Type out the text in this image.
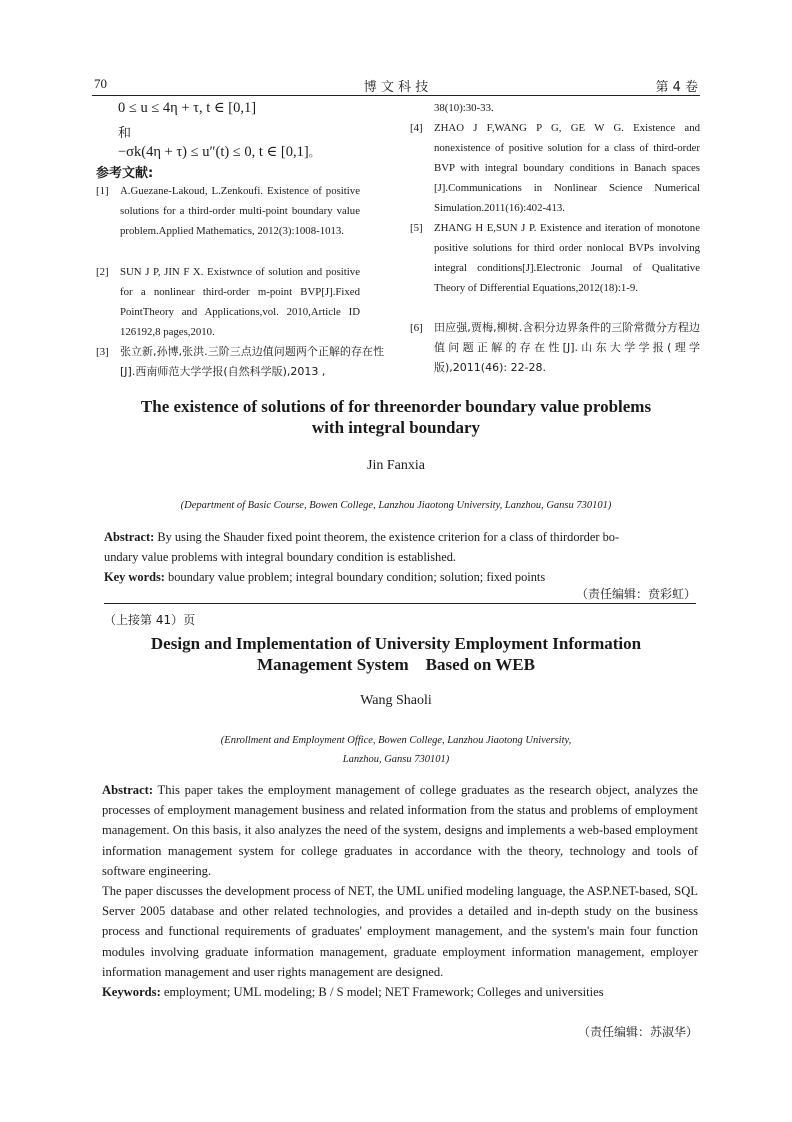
70	博 文 科 技	第 4 卷
0 ≤ u ≤ 4η + τ, t ∈ [0,1]
和
−σk(4η + τ) ≤ u″(t) ≤ 0, t ∈ [0,1]。
参考文献:
[1] A.Guezane-Lakoud, L.Zenkoufi. Existence of positive solutions for a third-order multi-point boundary value problem.Applied Mathematics, 2012(3):1008-1013.
[2] SUN J P, JIN F X. Existwnce of solution and positive for a nonlinear third-order m-point BVP[J].Fixed PointTheory and Applications,vol. 2010,Article ID 126192,8 pages,2010.
[3] 张立新,孙博,张洪.三阶三点边值问题两个正解的存在性[J].西南师范大学学报(自然科学版),2013 ,
38(10):30-33.
[4] ZHAO J F,WANG P G, GE W G. Existence and nonexistence of positive solution for a class of third-order BVP with integral boundary conditions in Banach spaces [J].Communications in Nonlinear Science Numerical Simulation.2011(16):402-413.
[5] ZHANG H E,SUN J P. Existence and iteration of monotone positive solutions for third order nonlocal BVPs involving integral conditions[J].Electronic Journal of Qualitative Theory of Differential Equations,2012(18):1-9.
[6] 田应强,贾梅,柳树.含积分边界条件的三阶常微分方程边值问题正解的存在性[J].山东大学学报(理学版),2011(46): 22-28.
The existence of solutions of for threenorder boundary value problems
with integral boundary
Jin Fanxia
(Department of Basic Course, Bowen College, Lanzhou Jiaotong University, Lanzhou, Gansu 730101)
Abstract: By using the Shauder fixed point theorem, the existence criterion for a class of thirdorder bo-
undary value problems with integral boundary condition is established.
Key words: boundary value problem; integral boundary condition; solution; fixed points
（责任编辑：贲彩虹）
（上接第 41）页
Design and Implementation of University Employment Information
Management System　Based on WEB
Wang Shaoli
(Enrollment and Employment Office, Bowen College, Lanzhou Jiaotong University,
Lanzhou, Gansu 730101)
Abstract: This paper takes the employment management of college graduates as the research object, analyzes the processes of employment management business and related information from the status and problems of employment management. On this basis, it also analyzes the need of the system, designs and implements a web-based employment information management system for college graduates in accordance with the theory, technology and tools of software engineering.
The paper discusses the development process of NET, the UML unified modeling language, the ASP.NET-based, SQL Server 2005 database and other related technologies, and provides a detailed and in-depth study on the business process and functional requirements of graduates' employment management, and the system's main four function modules involving graduate information management, graduate employment information management, employer information management and user rights management are designed.
Keywords: employment; UML modeling; B / S model; NET Framework; Colleges and universities
（责任编辑：苏淑华）
